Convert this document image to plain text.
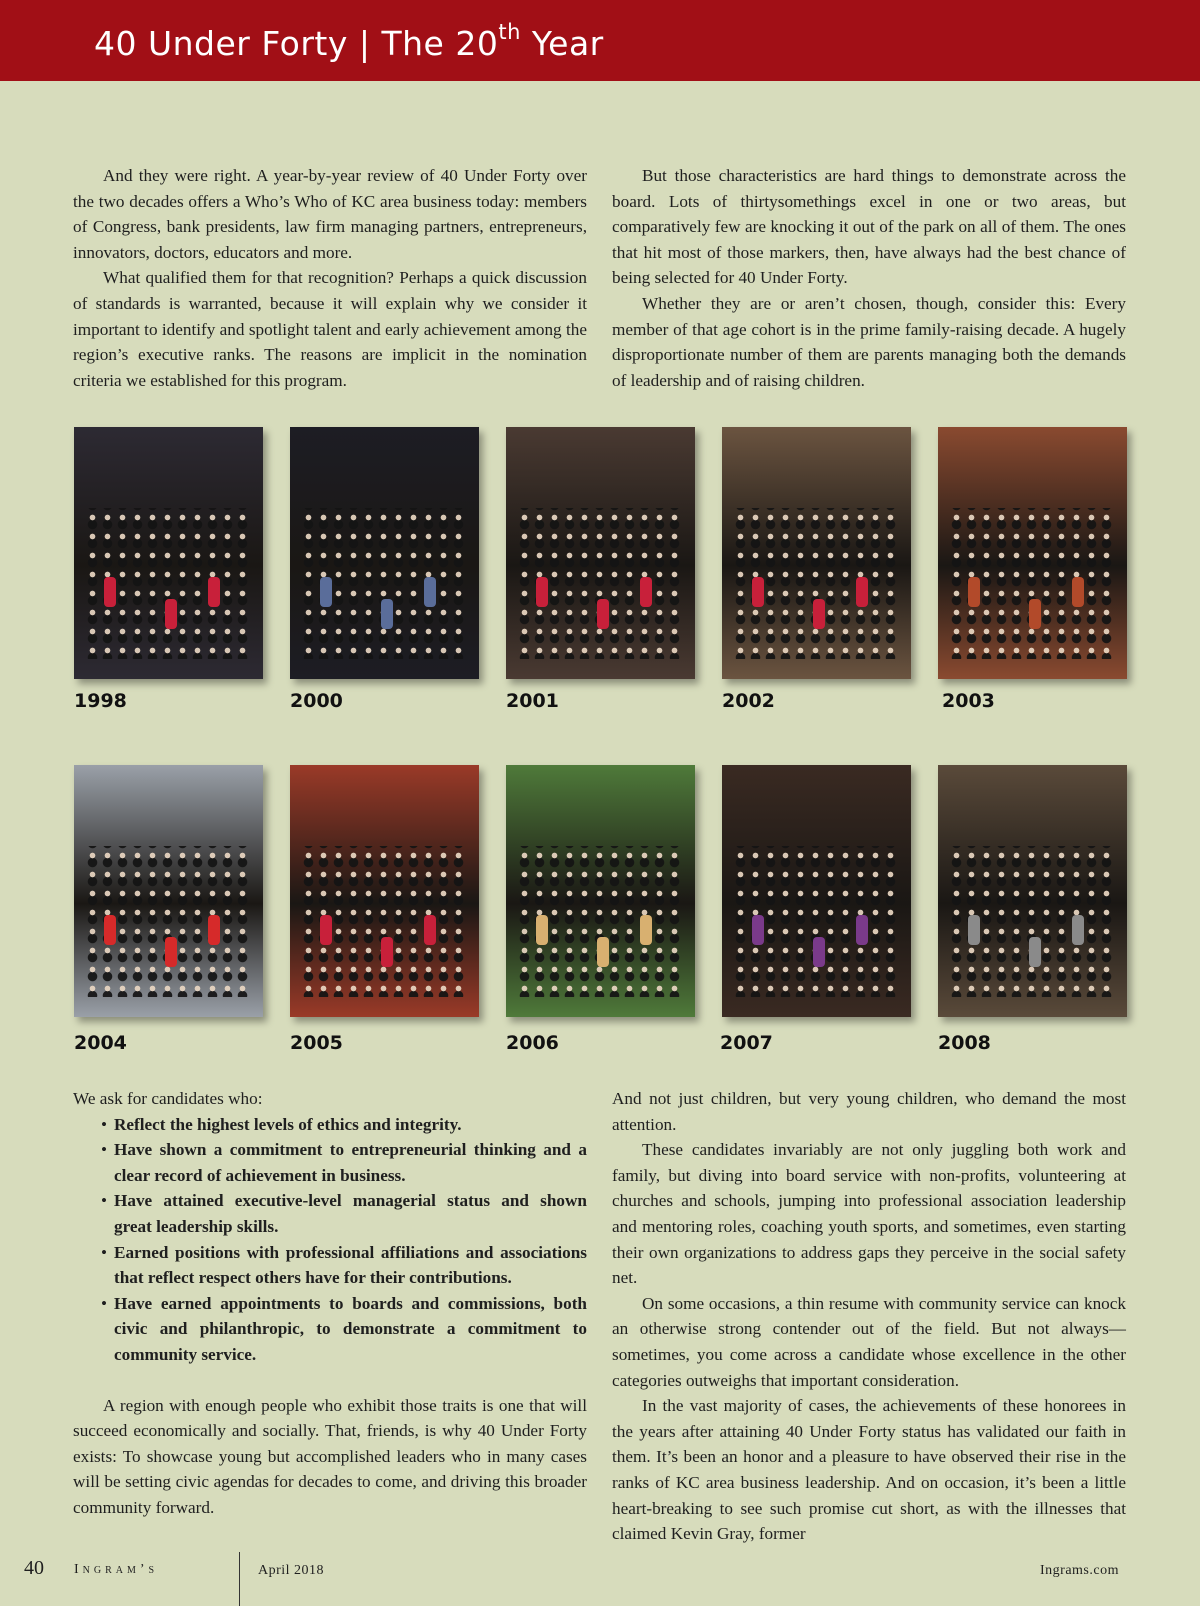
40 Under Forty | The 20th Year

And they were right. A year-by-year review of 40 Under Forty over the two decades offers a Who’s Who of KC area business today: members of Congress, bank presidents, law firm managing partners, entrepreneurs, innovators, doctors, educators and more.

What qualified them for that recognition? Perhaps a quick discussion of standards is warranted, because it will explain why we consider it important to identify and spotlight talent and early achievement among the region’s executive ranks. The reasons are implicit in the nomination criteria we established for this program.

But those characteristics are hard things to demonstrate across the board. Lots of thirtysomethings excel in one or two areas, but comparatively few are knocking it out of the park on all of them. The ones that hit most of those markers, then, have always had the best chance of being selected for 40 Under Forty.

Whether they are or aren’t chosen, though, consider this: Every member of that age cohort is in the prime family-raising decade. A hugely disproportionate number of them are parents managing both the demands of leadership and of raising children.

1998	2000	2001	2002	2003
2004	2005	2006	2007	2008

We ask for candidates who:

• Reflect the highest levels of ethics and integrity.
• Have shown a commitment to entrepreneurial thinking and a clear record of achievement in business.
• Have attained executive-level managerial status and shown great leadership skills.
• Earned positions with professional affiliations and associations that reflect respect others have for their contributions.
• Have earned appointments to boards and commissions, both civic and philanthropic, to demonstrate a commitment to community service.

A region with enough people who exhibit those traits is one that will succeed economically and socially. That, friends, is why 40 Under Forty exists: To showcase young but accomplished leaders who in many cases will be setting civic agendas for decades to come, and driving this broader community forward.

And not just children, but very young children, who demand the most attention.

These candidates invariably are not only juggling both work and family, but diving into board service with non-profits, volunteering at churches and schools, jumping into professional association leadership and mentoring roles, coaching youth sports, and sometimes, even starting their own organizations to address gaps they perceive in the social safety net.

On some occasions, a thin resume with community service can knock an otherwise strong contender out of the field. But not always—sometimes, you come across a candidate whose excellence in the other categories outweighs that important consideration.

In the vast majority of cases, the achievements of these honorees in the years after attaining 40 Under Forty status has validated our faith in them. It’s been an honor and a pleasure to have observed their rise in the ranks of KC area business leadership. And on occasion, it’s been a little heart-breaking to see such promise cut short, as with the illnesses that claimed Kevin Gray, former

40 Ingram’s	April 2018	Ingrams.com
